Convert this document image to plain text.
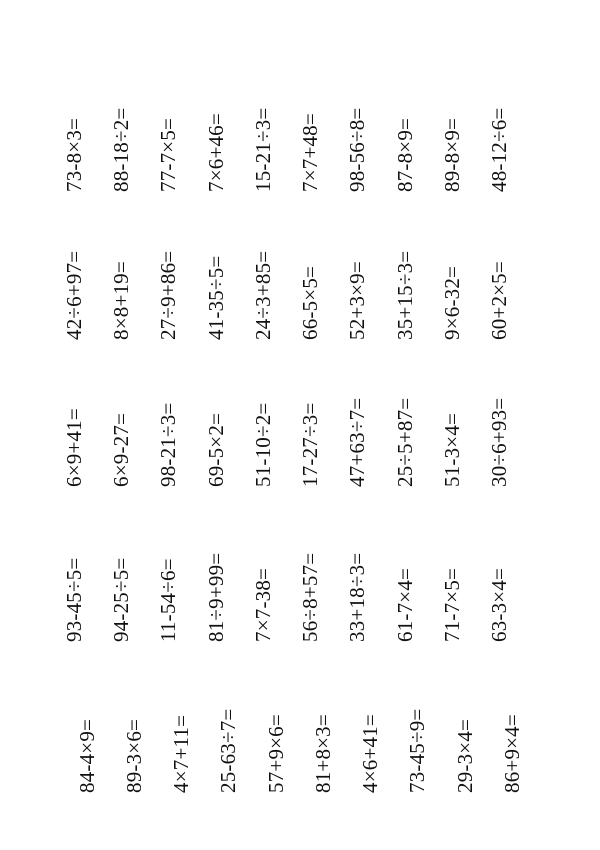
84-4×9= 89-3×6= 4×7+11= 25-63÷7= 57+9×6= 81+8×3= 4×6+41= 73-45÷9= 29-3×4= 86+9×4=
93-45÷5= 94-25÷5= 11-54÷6= 81÷9+99= 7×7-38= 56÷8+57= 33+18÷3= 61-7×4= 71-7×5= 63-3×4=
6×9+41= 6×9-27= 98-21÷3= 69-5×2= 51-10÷2= 17-27÷3= 47+63÷7= 25÷5+87= 51-3×4= 30÷6+93=
42÷6+97= 8×8+19= 27÷9+86= 41-35÷5= 24÷3+85= 66-5×5= 52+3×9= 35+15÷3= 9×6-32= 60+2×5=
73-8×3= 88-18÷2= 77-7×5= 7×6+46= 15-21÷3= 7×7+48= 98-56÷8= 87-8×9= 89-8×9= 48-12÷6=
